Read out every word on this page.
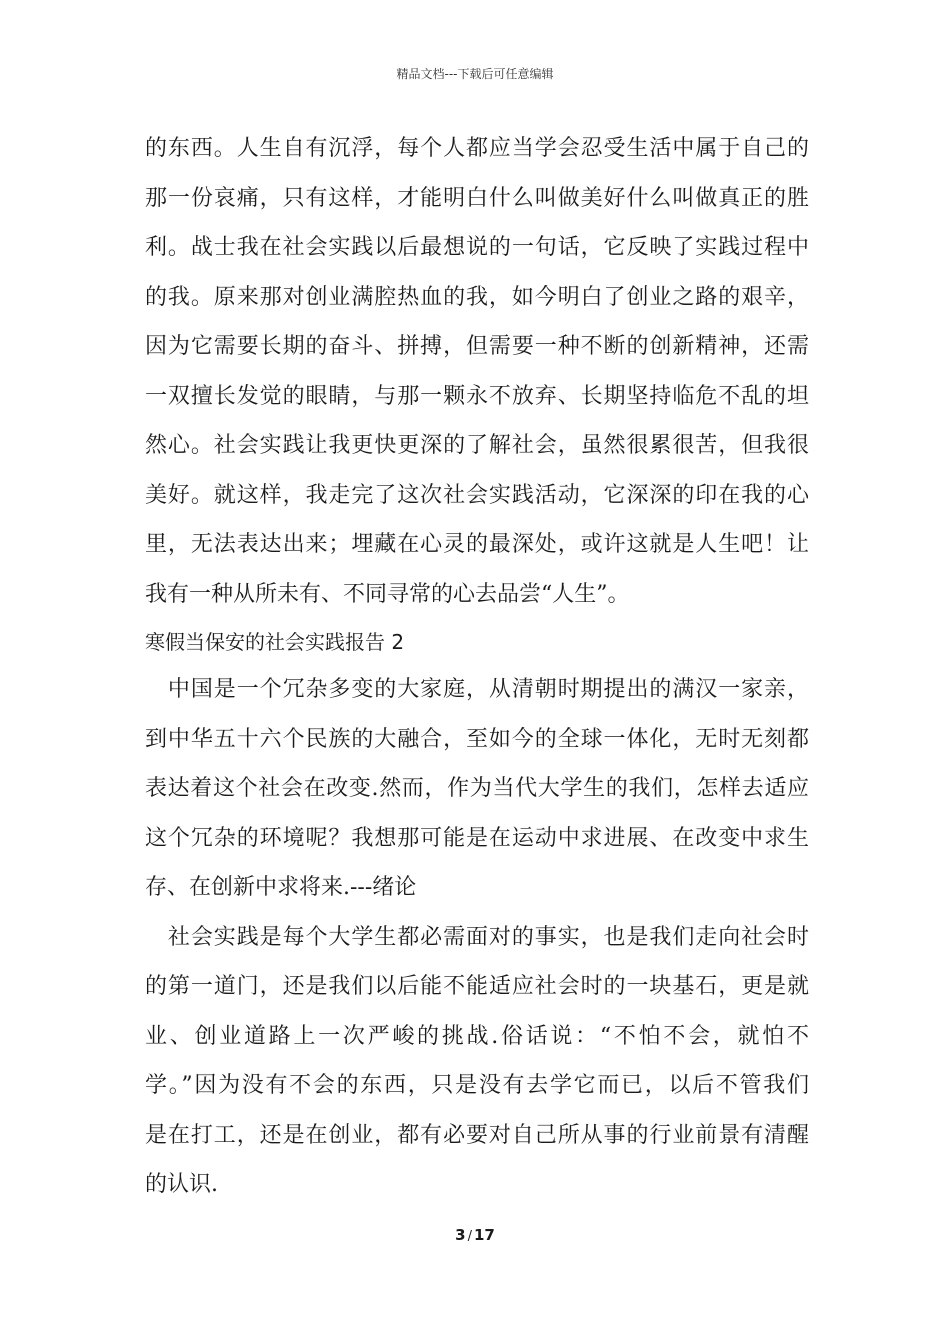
精品文档---下载后可任意编辑
的东西。人生自有沉浮，每个人都应当学会忍受生活中属于自己的
那一份哀痛，只有这样，才能明白什么叫做美好什么叫做真正的胜
利。战士我在社会实践以后最想说的一句话，它反映了实践过程中
的我。原来那对创业满腔热血的我，如今明白了创业之路的艰辛，
因为它需要长期的奋斗、拼搏，但需要一种不断的创新精神，还需
一双擅长发觉的眼睛，与那一颗永不放弃、长期坚持临危不乱的坦
然心。社会实践让我更快更深的了解社会，虽然很累很苦，但我很
美好。就这样，我走完了这次社会实践活动，它深深的印在我的心
里，无法表达出来；埋藏在心灵的最深处，或许这就是人生吧！让
我有一种从所未有、不同寻常的心去品尝“人生”。
寒假当保安的社会实践报告 2
　中国是一个冗杂多变的大家庭，从清朝时期提出的满汉一家亲，
到中华五十六个民族的大融合，至如今的全球一体化，无时无刻都
表达着这个社会在改变.然而，作为当代大学生的我们，怎样去适应
这个冗杂的环境呢？我想那可能是在运动中求进展、在改变中求生
存、在创新中求将来.---绪论
　社会实践是每个大学生都必需面对的事实，也是我们走向社会时
的第一道门，还是我们以后能不能适应社会时的一块基石，更是就
业、创业道路上一次严峻的挑战.俗话说：“不怕不会，就怕不
学。”因为没有不会的东西，只是没有去学它而已，以后不管我们
是在打工，还是在创业，都有必要对自己所从事的行业前景有清醒
的认识.
3 / 17
